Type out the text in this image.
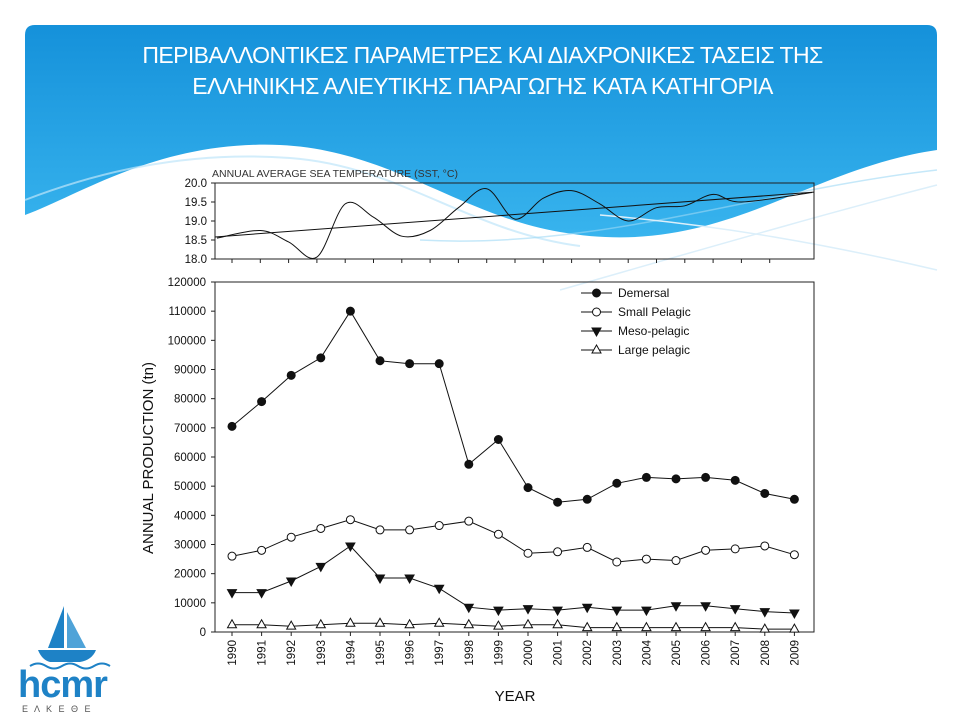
ANNUAL AVERAGE SEA TEMPERATURE (SST, °C)
18.0
18.5
19.0
19.5
20.0
0
10000
20000
30000
40000
50000
60000
70000
80000
90000
100000
110000
120000
1990 1991 1992 1993 1994 1995 1996 1997 1998 1999 2000 2001 2002 2003 2004 2005 2006 2007 2008 2009
ANNUAL PRODUCTION (tn)
YEAR
Demersal
Small Pelagic
Meso-pelagic
Large pelagic
hcmr
Ε Λ Κ Ε Θ Ε
ΠΕΡΙΒΑΛΛΟΝΤΙΚΕΣ ΠΑΡΑΜΕΤΡΕΣ ΚΑΙ ΔΙΑΧΡΟΝΙΚΕΣ ΤΑΣΕΙΣ ΤΗΣ
ΕΛΛΗΝΙΚΗΣ ΑΛΙΕΥΤΙΚΗΣ ΠΑΡΑΓΩΓΗΣ ΚΑΤΑ ΚΑΤΗΓΟΡΙΑ
